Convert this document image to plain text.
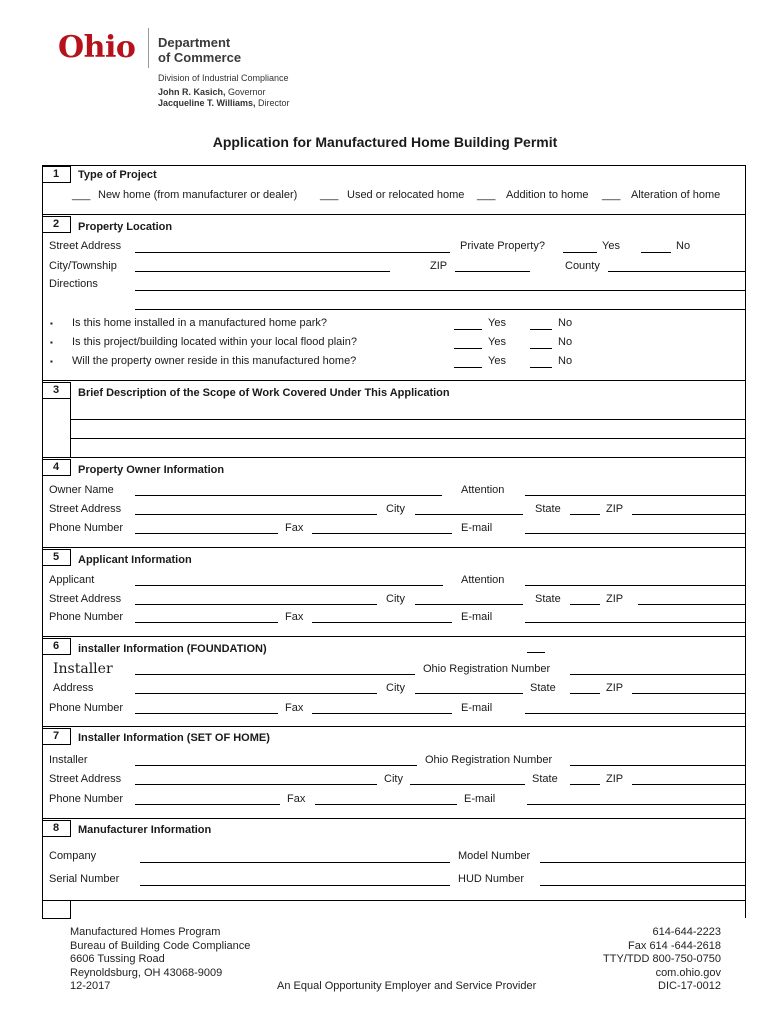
Ohio Department
of Commerce
Division of Industrial Compliance
John R. Kasich, Governor
Jacqueline T. Williams, Director
Application for Manufactured Home Building Permit
1	Type of Project
___ New home (from manufacturer or dealer) ___ Used or relocated home ___ Addition to home ___ Alteration of home
2	Property Location
Street Address	Private Property?	Yes	No
City/Township	ZIP	County
Directions
▪ Is this home installed in a manufactured home park?	Yes	No
▪ Is this project/building located within your local flood plain?	Yes	No
▪ Will the property owner reside in this manufactured home?	Yes	No
3	Brief Description of the Scope of Work Covered Under This Application
4	Property Owner Information
Owner Name	Attention
Street Address	City	State	ZIP
Phone Number	Fax	E-mail
5	Applicant Information
Applicant	Attention
Street Address	City	State	ZIP
Phone Number	Fax	E-mail
6	installer Information (FOUNDATION)
Installer	Ohio Registration Number
Address	City	State	ZIP
Phone Number	Fax	E-mail
7	Installer Information (SET OF HOME)
Installer	Ohio Registration Number
Street Address	City	State	ZIP
Phone Number	Fax	E-mail
8	Manufacturer Information
Company	Model Number
Serial Number	HUD Number
Manufactured Homes Program
Bureau of Building Code Compliance
6606 Tussing Road
Reynoldsburg, OH 43068-9009
12-2017	An Equal Opportunity Employer and Service Provider
614-644-2223
Fax 614 -644-2618
TTY/TDD 800-750-0750
com.ohio.gov
DIC-17-0012
